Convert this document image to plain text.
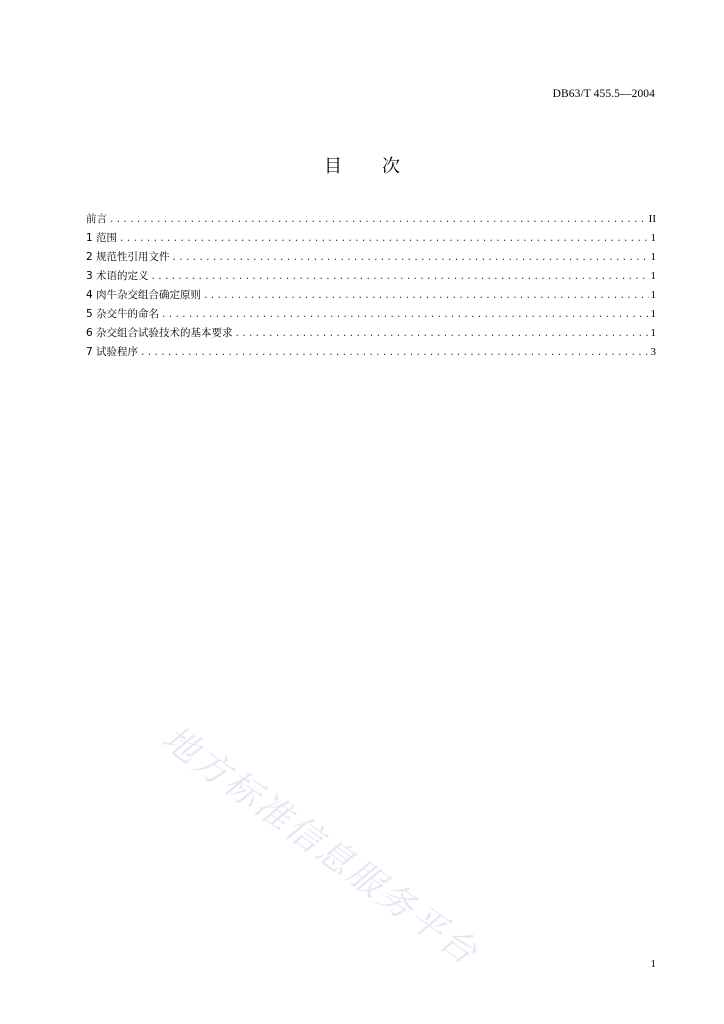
DB63/T 455.5—2004
目 次
前言 .....	II
1 范围 .....	1
2 规范性引用文件 .....	1
3 术语的定义 .....	1
4 肉牛杂交组合确定原则 .....	1
5 杂交牛的命名 .....	1
6 杂交组合试验技术的基本要求 .....	1
7 试验程序 .....	3
地方标准信息服务平台	1
